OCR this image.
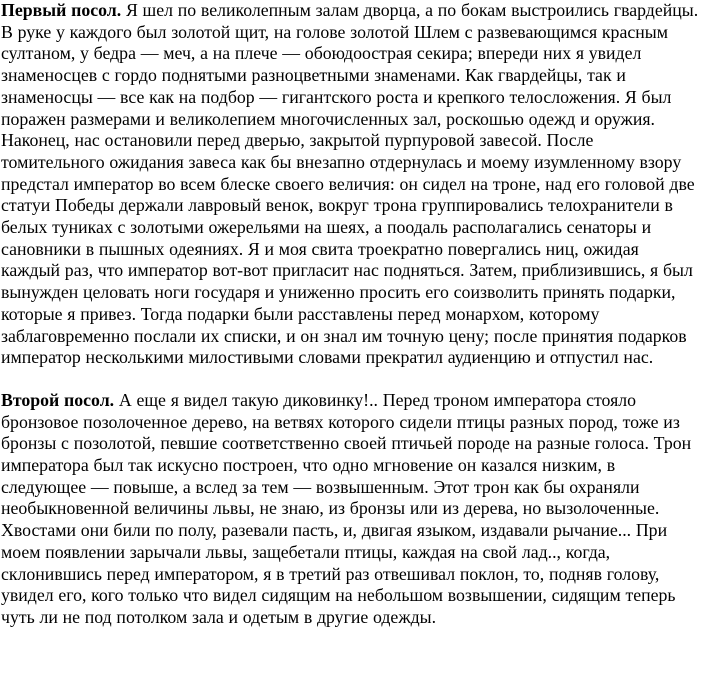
Первый посол. Я шел по великолепным залам дворца, а по бокам выстроились гвардейцы. В руке у каждого был золотой щит, на голове золотой Шлем с развевающимся красным султаном, у бедра — меч, а на плече — обоюдоострая секира; впереди них я увидел знаменосцев с гордо поднятыми разноцветными знаменами. Как гвардейцы, так и знаменосцы — все как на подбор — гигантского роста и крепкого телосложения. Я был поражен размерами и великолепием многочисленных зал, роскошью одежд и оружия. Наконец, нас остановили перед дверью, закрытой пурпуровой завесой. После томительного ожидания завеса как бы внезапно отдернулась и моему изумленному взору предстал император во всем блеске своего величия: он сидел на троне, над его головой две статуи Победы держали лавровый венок, вокруг трона группировались телохранители в белых туниках с золотыми ожерельями на шеях, а поодаль располагались сенаторы и сановники в пышных одеяниях. Я и моя свита троекратно повергались ниц, ожидая каждый раз, что император вот-вот пригласит нас подняться. Затем, приблизившись, я был вынужден целовать ноги государя и униженно просить его соизволить принять подарки, которые я привез. Тогда подарки были расставлены перед монархом, которому заблаговременно послали их списки, и он знал им точную цену; после принятия подарков император несколькими милостивыми словами прекратил аудиенцию и отпустил нас.

Второй посол. А еще я видел такую диковинку!.. Перед троном императора стояло бронзовое позолоченное дерево, на ветвях которого сидели птицы разных пород, тоже из бронзы с позолотой, певшие соответственно своей птичьей породе на разные голоса. Трон императора был так искусно построен, что одно мгновение он казался низким, в следующее — повыше, а вслед за тем — возвышенным. Этот трон как бы охраняли необыкновенной величины львы, не знаю, из бронзы или из дерева, но вызолоченные. Хвостами они били по полу, разевали пасть, и, двигая языком, издавали рычание... При моем появлении зарычали львы, защебетали птицы, каждая на свой лад.., когда, склонившись перед императором, я в третий раз отвешивал поклон, то, подняв голову, увидел его, кого только что видел сидящим на небольшом возвышении, сидящим теперь чуть ли не под потолком зала и одетым в другие одежды.
